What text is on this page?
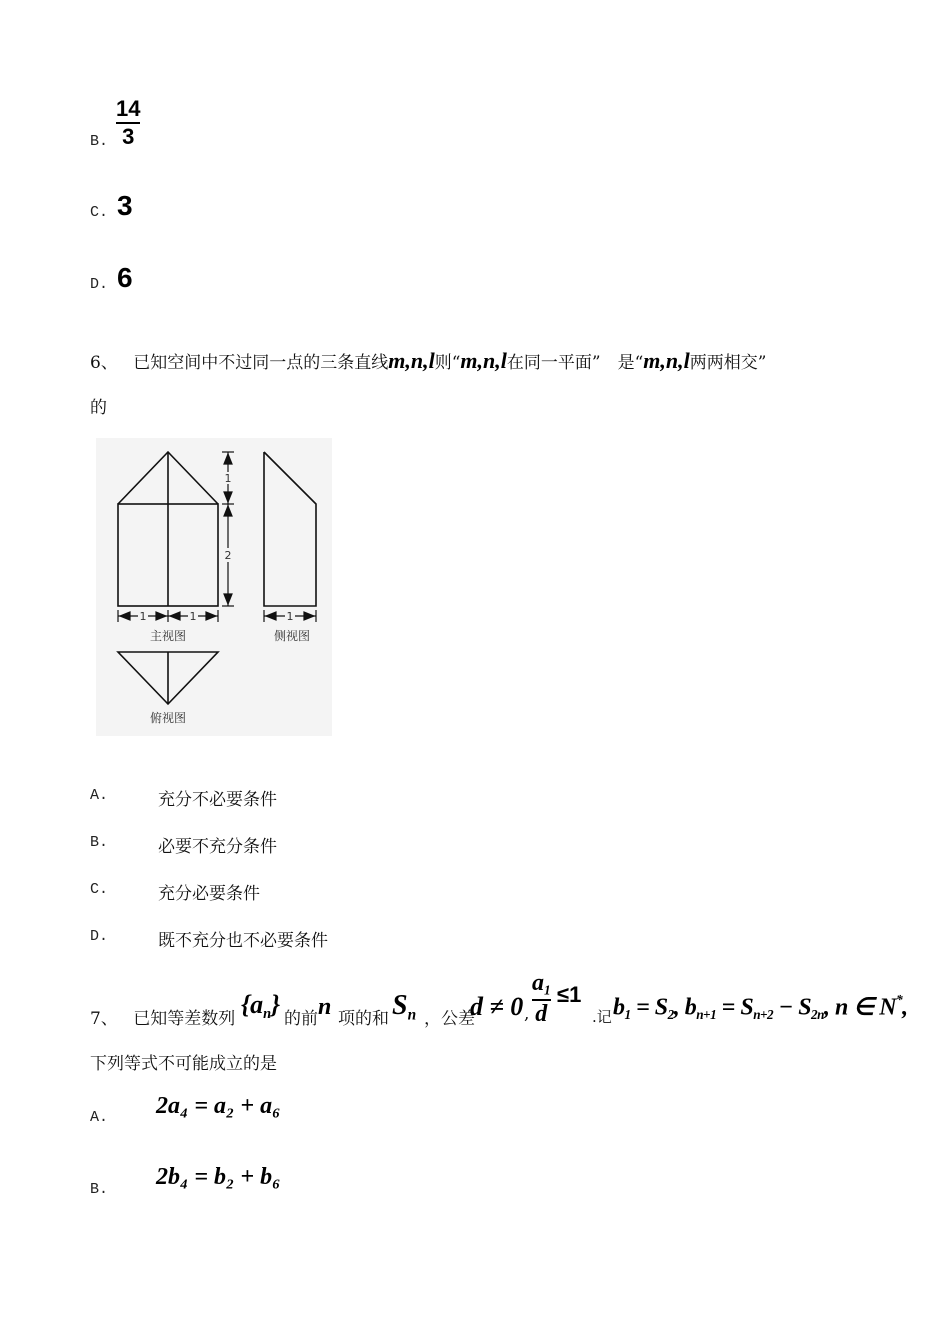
B.
14
3
C. 3
D. 6
6、 已知空间中不过同一点的三条直线m,n,l则“m,n,l在同一平面”　是“m,n,l两两相交”
的
1
2
1	1	1
主视图	侧视图
俯视图
A.	充分不必要条件
B.	必要不充分条件
C.	充分必要条件
D.	既不充分也不必要条件
7、 已知等差数列 $\{a_n\}$ 的前 n 项的和 $S_n$ ，公差
d ≠ 0 ,
$a_1$
d
≤1
.记 $b_1 = S_2$, $b_{n+1} = S_{n+2} - S_{2n}$, n ∈ N*,
下列等式不可能成立的是
A. 2a₄ = a₂ + a₆
B. 2b₄ = b₂ + b₆
